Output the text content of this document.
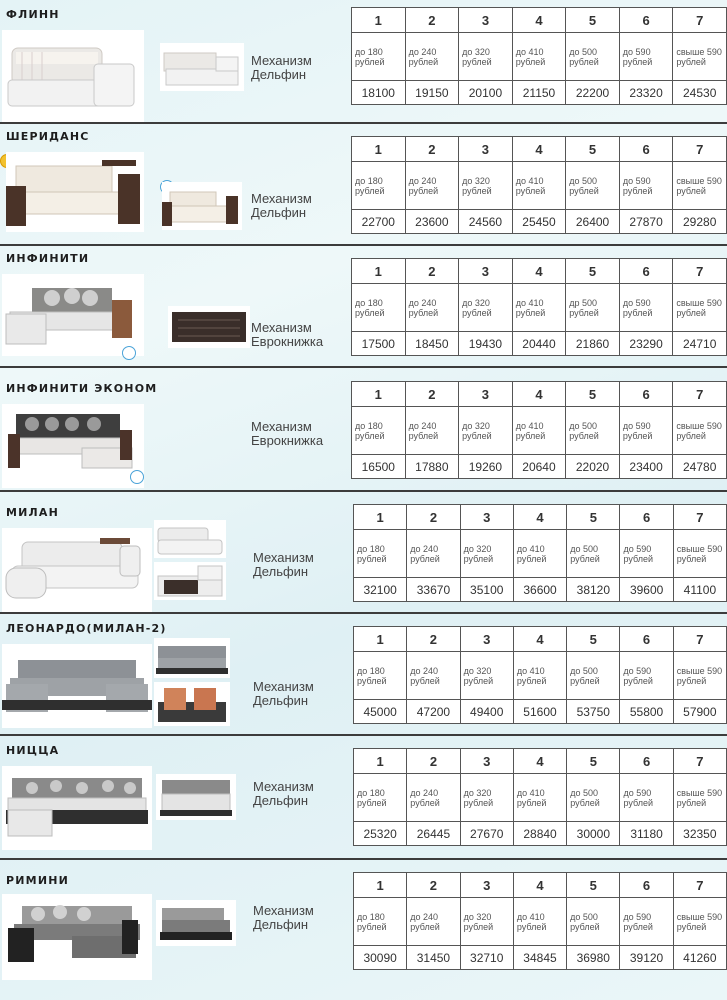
ФЛИНН
Механизм
Дельфин
1	2	3	4	5	6	7
до 180 рублей	до 240 рублей	до 320 рублей	до 410 рублей	до 500 рублей	до 590 рублей	свыше 590 рублей
18100	19150	20100	21150	22200	23320	24530
ШЕРИДАНС
Механизм
Дельфин
1	2	3	4	5	6	7
до 180 рублей	до 240 рублей	до 320 рублей	до 410 рублей	до 500 рублей	до 590 рублей	свыше 590 рублей
22700	23600	24560	25450	26400	27870	29280
ИНФИНИТИ
Механизм
Еврокнижка
1	2	3	4	5	6	7
до 180 рублей	до 240 рублей	до 320 рублей	до 410 рублей	др 500 рублей	до 590 рублей	свыше 590 рублей
17500	18450	19430	20440	21860	23290	24710
ИНФИНИТИ ЭКОНОМ
Механизм
Еврокнижка
1	2	3	4	5	6	7
до 180 рублей	до 240 рублей	до 320 рублей	до 410 рублей	до 500 рублей	до 590 рублей	свыше 590 рублей
16500	17880	19260	20640	22020	23400	24780
МИЛАН
Механизм
Дельфин
1	2	3	4	5	6	7
до 180 рублей	до 240 рублей	до 320 рублей	до 410 рублей	до 500 рублей	до 590 рублей	свыше 590 рублей
32100	33670	35100	36600	38120	39600	41100
ЛЕОНАРДО(МИЛАН-2)
Механизм
Дельфин
1	2	3	4	5	6	7
до 180 рублей	до 240 рублей	до 320 рублей	до 410 рублей	до 500 рублей	до 590 рублей	свыше 590 рублей
45000	47200	49400	51600	53750	55800	57900
НИЦЦА
Механизм
Дельфин
1	2	3	4	5	6	7
до 180 рублей	до 240 рублей	до 320 рублей	до 410 рублей	до 500 рублей	до 590 рублей	свыше 590 рублей
25320	26445	27670	28840	30000	31180	32350
РИМИНИ
Механизм
Дельфин
1	2	3	4	5	6	7
до 180 рублей	до 240 рублей	до 320 рублей	до 410 рублей	до 500 рублей	до 590 рублей	свыше 590 рублей
30090	31450	32710	34845	36980	39120	41260
